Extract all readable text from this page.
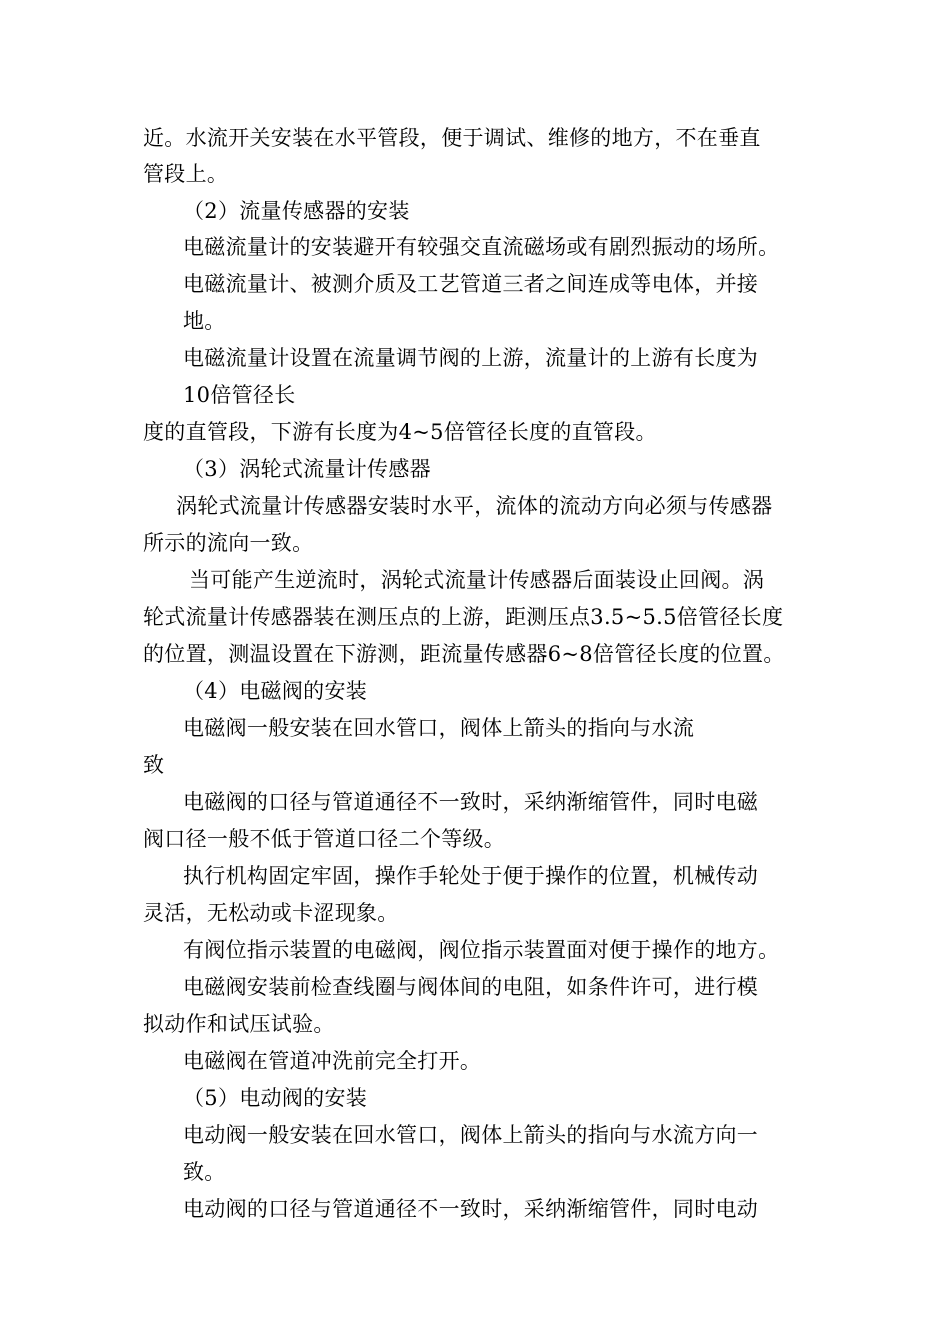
近。水流开关安装在水平管段，便于调试、维修的地方，不在垂直
管段上。
（2）流量传感器的安装
电磁流量计的安装避开有较强交直流磁场或有剧烈振动的场所。
电磁流量计、被测介质及工艺管道三者之间连成等电体，并接
地。
电磁流量计设置在流量调节阀的上游，流量计的上游有长度为
10倍管径长
度的直管段，下游有长度为4~5倍管径长度的直管段。
（3）涡轮式流量计传感器
涡轮式流量计传感器安装时水平，流体的流动方向必须与传感器
所示的流向一致。
当可能产生逆流时，涡轮式流量计传感器后面装设止回阀。涡
轮式流量计传感器装在测压点的上游，距测压点3.5~5.5倍管径长度
的位置，测温设置在下游测，距流量传感器6~8倍管径长度的位置。
（4）电磁阀的安装
电磁阀一般安装在回水管口，阀体上箭头的指向与水流
致
电磁阀的口径与管道通径不一致时，采纳渐缩管件，同时电磁
阀口径一般不低于管道口径二个等级。
执行机构固定牢固，操作手轮处于便于操作的位置，机械传动
灵活，无松动或卡涩现象。
有阀位指示装置的电磁阀，阀位指示装置面对便于操作的地方。
电磁阀安装前检查线圈与阀体间的电阻，如条件许可，进行模
拟动作和试压试验。
电磁阀在管道冲洗前完全打开。
（5）电动阀的安装
电动阀一般安装在回水管口，阀体上箭头的指向与水流方向一
致。
电动阀的口径与管道通径不一致时，采纳渐缩管件，同时电动
